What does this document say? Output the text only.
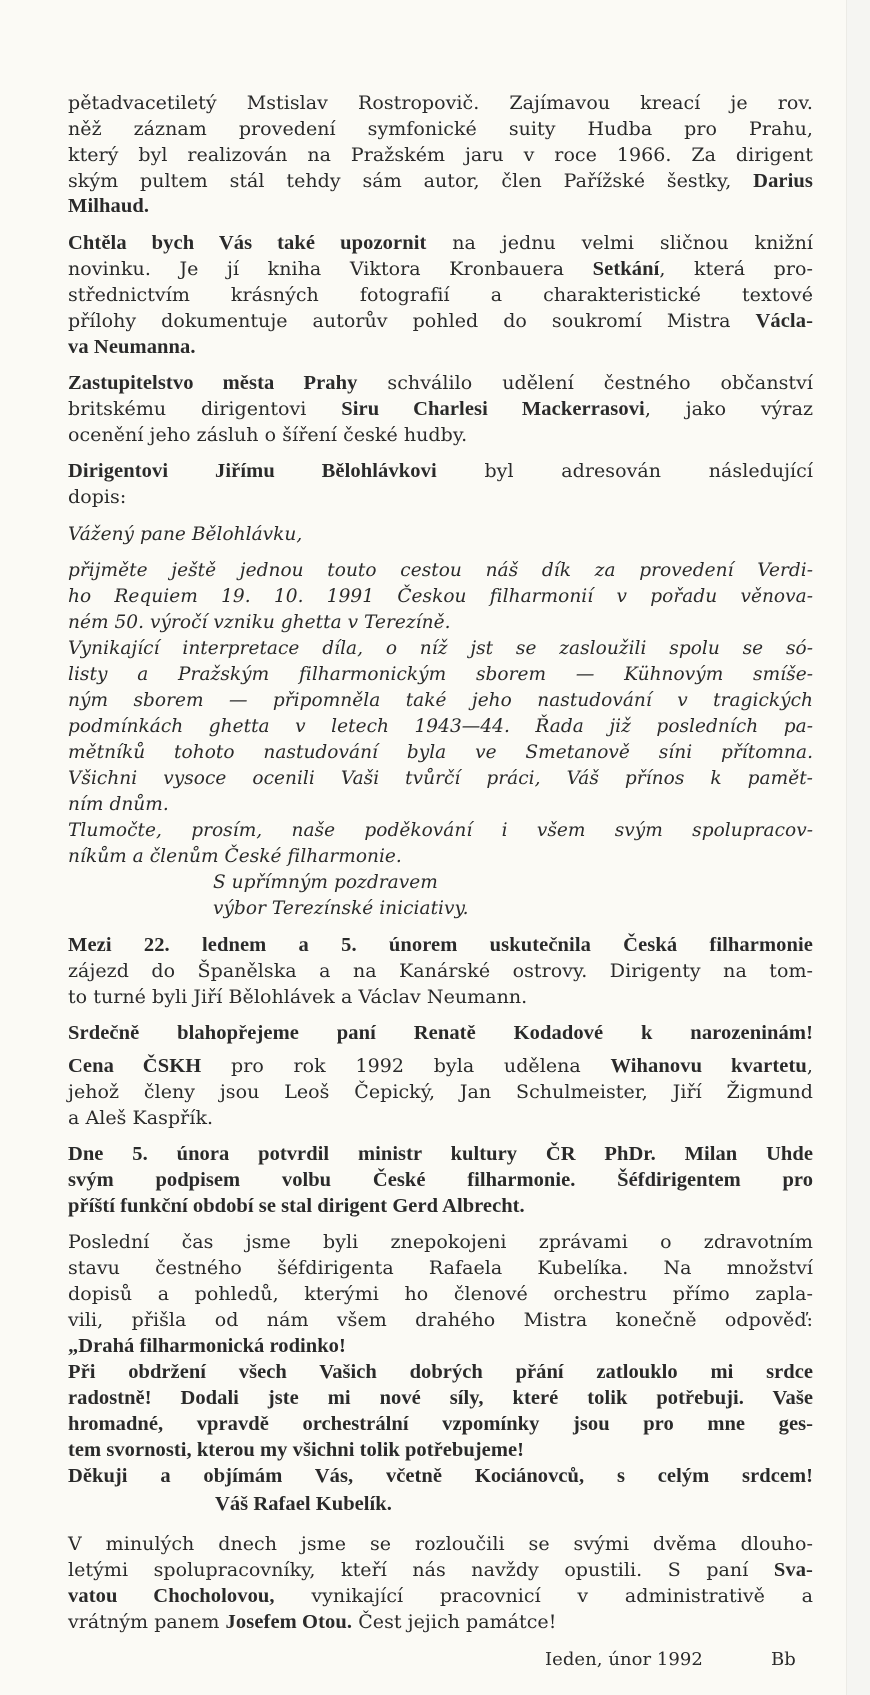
pětadvacetiletý Mstislav Rostropovič. Zajímavou kreací je rov.
něž záznam provedení symfonické suity Hudba pro Prahu,
který byl realizován na Pražském jaru v roce 1966. Za dirigent
ským pultem stál tehdy sám autor, člen Pařížské šestky, Darius
Milhaud.
Chtěla bych Vás také upozornit na jednu velmi sličnou knižní
novinku. Je jí kniha Viktora Kronbauera Setkání, která pro-
střednictvím krásných fotografií a charakteristické textové
přílohy dokumentuje autorův pohled do soukromí Mistra Václa-
va Neumanna.
Zastupitelstvo města Prahy schválilo udělení čestného občanství
britskému dirigentovi Siru Charlesi Mackerrasovi, jako výraz
ocenění jeho zásluh o šíření české hudby.
Dirigentovi Jiřímu Bělohlávkovi byl adresován následující
dopis:
Vážený pane Bělohlávku,
přijměte ještě jednou touto cestou náš dík za provedení Verdi-
ho Requiem 19. 10. 1991 Českou filharmonií v pořadu věnova-
ném 50. výročí vzniku ghetta v Terezíně.
Vynikající interpretace díla, o níž jst se zasloužili spolu se só-
listy a Pražským filharmonickým sborem — Kühnovým smíše-
ným sborem — připomněla také jeho nastudování v tragických
podmínkách ghetta v letech 1943—44. Řada již posledních pa-
mětníků tohoto nastudování byla ve Smetanově síni přítomna.
Všichni vysoce ocenili Vaši tvůrčí práci, Váš přínos k pamět-
ním dnům.
Tlumočte, prosím, naše poděkování i všem svým spolupracov-
níkům a členům České filharmonie.
S upřímným pozdravem
výbor Terezínské iniciativy.
Mezi 22. lednem a 5. únorem uskutečnila Česká filharmonie
zájezd do Španělska a na Kanárské ostrovy. Dirigenty na tom-
to turné byli Jiří Bělohlávek a Václav Neumann.
Srdečně blahopřejeme paní Renatě Kodadové k narozeninám!
Cena ČSKH pro rok 1992 byla udělena Wihanovu kvartetu,
jehož členy jsou Leoš Čepický, Jan Schulmeister, Jiří Žigmund
a Aleš Kaspřík.
Dne 5. února potvrdil ministr kultury ČR PhDr. Milan Uhde
svým podpisem volbu České filharmonie. Šéfdirigentem pro
příští funkční období se stal dirigent Gerd Albrecht.
Poslední čas jsme byli znepokojeni zprávami o zdravotním
stavu čestného šéfdirigenta Rafaela Kubelíka. Na množství
dopisů a pohledů, kterými ho členové orchestru přímo zapla-
vili, přišla od nám všem drahého Mistra konečně odpověď:
„Drahá filharmonická rodinko!
Při obdržení všech Vašich dobrých přání zatlouklo mi srdce
radostně! Dodali jste mi nové síly, které tolik potřebuji. Vaše
hromadné, vpravdě orchestrální vzpomínky jsou pro mne ges-
tem svornosti, kterou my všichni tolik potřebujeme!
Děkuji a objímám Vás, včetně Kociánovců, s celým srdcem!
Váš Rafael Kubelík.
V minulých dnech jsme se rozloučili se svými dvěma dlouho-
letými spolupracovníky, kteří nás navždy opustili. S paní Sva-
vatou Chocholovou, vynikající pracovnicí v administrativě a
vrátným panem Josefem Otou. Čest jejich památce!
Ieden, únor 1992	Bb
